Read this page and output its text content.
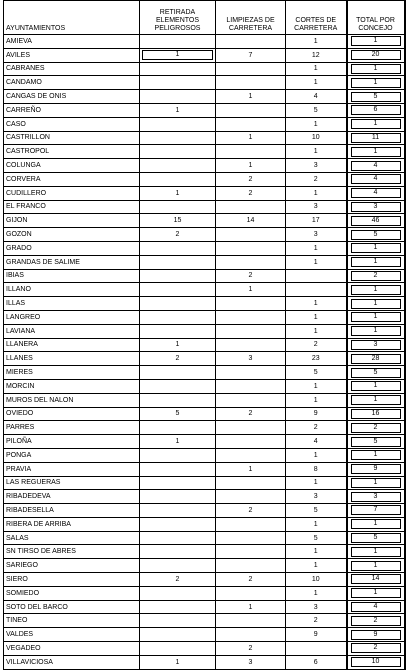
AYUNTAMIENTOS	RETIRADA ELEMENTOS PELIGROSOS	LIMPIEZAS DE CARRETERA	CORTES DE CARRETERA	TOTAL POR CONCEJO
AMIEVA			1	1

AVILES	1	7	12	20

CABRANES			1	1

CANDAMO			1	1

CANGAS DE ONIS		1	4	5

CARREÑO	1		5	6

CASO			1	1

CASTRILLON		1	10	11

CASTROPOL			1	1

COLUNGA		1	3	4

CORVERA		2	2	4

CUDILLERO	1	2	1	4

EL FRANCO			3	3

GIJON	15	14	17	46

GOZON	2		3	5

GRADO			1	1

GRANDAS DE SALIME			1	1

IBIAS		2		2

ILLANO		1		1

ILLAS			1	1

LANGREO			1	1

LAVIANA			1	1

LLANERA	1		2	3

LLANES	2	3	23	28

MIERES			5	5

MORCIN			1	1

MUROS DEL NALON			1	1

OVIEDO	5	2	9	16

PARRES			2	2

PILOÑA	1		4	5

PONGA			1	1

PRAVIA		1	8	9

LAS REGUERAS			1	1

RIBADEDEVA			3	3

RIBADESELLA		2	5	7

RIBERA DE ARRIBA			1	1

SALAS			5	5

SN TIRSO DE ABRES			1	1

SARIEGO			1	1

SIERO	2	2	10	14

SOMIEDO			1	1

SOTO DEL BARCO		1	3	4

TINEO			2	2

VALDES			9	9

VEGADEO		2		2

VILLAVICIOSA	1	3	6	10
